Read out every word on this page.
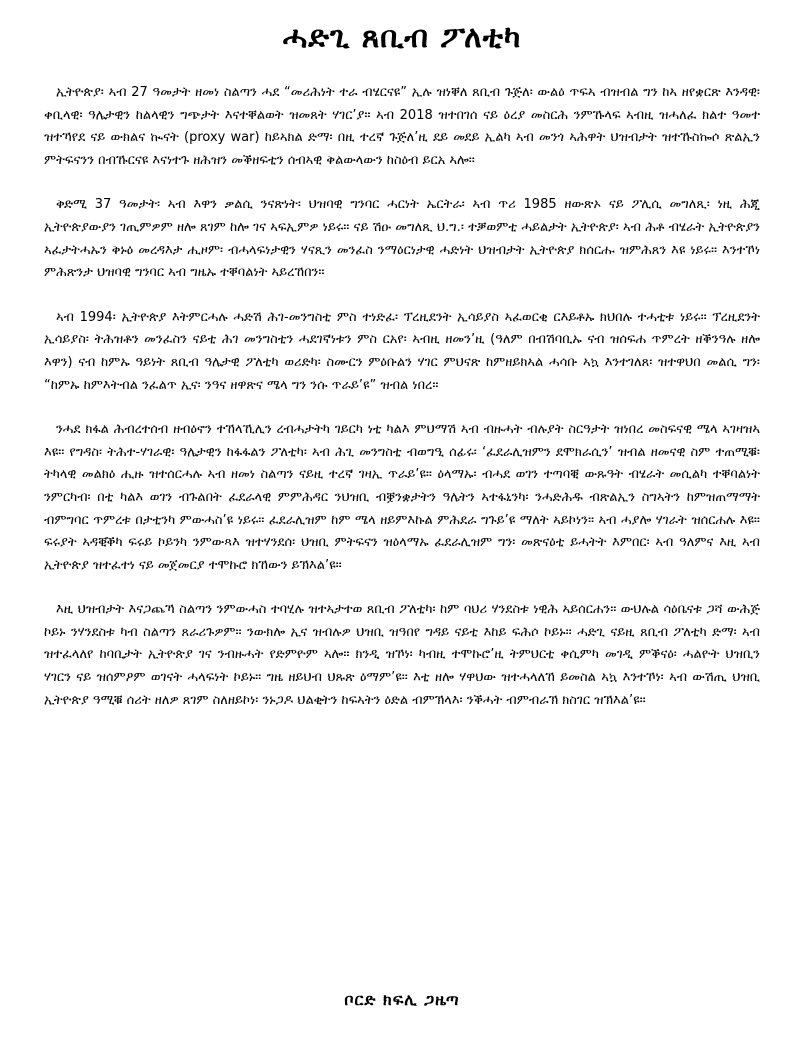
ሓድጊ ጸቢብ ፖለቲካ

ኢትዮጵያ፡ ኣብ 27 ዓመታት ዘመነ ስልጣን ሓደ “መሪሕነት ተራ ብሄርናዩ” ኢሉ ዝነቐለ ጸቢብ ጉጅለ፡ ውልዕ ጥፍኣ ብዝብል ግን ከኣ ዘየቋርጽ እንዳዊ፡ ቀቢላዊ፡ ዓሌታዊን ከልላዊን ግጭታት እናተቐልወት ዝመጸት ሃገር’ያ። ኣብ 2018 ዝተበገሰ ናይ ዕረያ መስርሕ ንምኹላፍ ኣብዚ ዝሓለፈ ክልተ ዓመተ ዝተኻየደ ናይ ውክልና ኲናት (proxy war) ከይኣክል ድማ፡ በዚ ተረኛ ጉጅለ’ዚ ደይ መደይ ኢልካ ኣብ መንጎ ኣሕዋት ህዝብታት ዝተኹስኰሶ ጽልኢን ምትፍናንን በብኹርናዩ እናነተጉ ዘሕዝን መቕዘፍቲን ሰብኣዊ ቅልውላውን ከስዕብ ይርአ ኣሎ።

ቅድሚ 37 ዓመታት፡ ኣብ እዋን ቃልሲ ንናጽነት፡ ህዝባዊ ግንባር ሓርነት ኤርትራ፡ ኣብ ጥሪ 1985 ዘውጽኦ ናይ ፖሊሲ መግለጺ፡ ነዚ ሕጂ ኢትዮጵያውያን ገጢምዎም ዘሎ ጸገም ከሎ ገና ኣፍኢምዎ ነይሩ። ናይ ሽዑ መግለጺ ህ.ግ.፡ ተቓወምቲ ሓይልታት ኢትዮጵያ፡ ኣብ ሕቶ ብሄራት ኢትዮጵያን ኣፈታትሓኡን ቅኑዕ መረዳእታ ሒዞም፡ ብሓላፍነታዊን ሃናጺን መንፈስ ንማዕርነታዊ ሓድነት ህዝብታት ኢትዮጵያ ክሰርሑ ዝምሕጸን እዩ ነይሩ። እንተኾነ ምሕጽንታ ህዝባዊ ግንባር ኣብ ግዜኡ ተቐባልነት ኣይረኸበን።

ኣብ 1994፡ ኢትዮጵያ እትምርሓሉ ሓድሽ ሕገ-መንግስቲ ምስ ተነድፈ፡ ፕረዚደንት ኢሳይያስ ኣፈወርቂ ርእይቶኡ ክህበሉ ተሓቲቱ ነይሩ። ፕረዚደንት ኢሳይያስ፡ ትሕዝቶን መንፈስን ናይቲ ሕገ መንግስቲን ሓደገኛነቱን ምስ ርአየ፡ ኣብዚ ዘመን’ዚ (ዓለም በብሽባቢኡ ናብ ዝሰፍሐ ጥምረት ዘቕንዓሉ ዘሎ እዋን) ናብ ከምኡ ዓይነት ጸቢብ ዓሌታዊ ፖለቲካ ወሪድካ፡ ስሙርን ምዕቡልን ሃገር ምህናጽ ከምዘይክኣል ሓሳቡ ኣኳ እንተገለጸ፡ ዝተዋህበ መልሲ ግን፡ “ከምኡ ከምእትብል ንፈልጥ ኢና፡ ንዓና ዘዋጽና ሜላ ግን ንሱ ጥራይ’ዩ” ዝብል ነበረ።

ንሓደ ክፋል ሕብረተሰብ ዘብዕኖን ተኸላኺሊን ረብሓታትካ ገይርካ ነቲ ካልእ ምህማሽ ኣብ ብዙሓት ብሉያት ስርዓታት ዝነበረ መስፍናዊ ሜላ ኣገዛዝኣ እዩ። የግዳስ፡ ትሕተ-ሃገራዊ፡ ዓሌታዊን ከፋፋልን ፖለቲካ፡ ኣብ ሕጊ መንግስቲ ብወግዒ ሰፊሩ፡ ‘ፈደራሊዝምን ደሞክራሲን’ ዝብል ዘመናዊ ስም ተጠሚቑ፡ ትካላዊ መልክዕ ሒዙ ዝተሰርሓሉ ኣብ ዘመነ ስልጣን ናይዚ ተረኛ ገዛኢ ጥራይ’ዩ። ዕላማኡ፡ ብሓደ ወገን ተጣባቒ ውጹዓት ብሄራት መሲልካ ተቐባልነት ንምርካብ፡ በቲ ካልእ ወገን ብጉልበት ፈደራላዊ ምምሕዳር ንህዝቢ ብቛንቋታትን ዓሌትን ኣተፋኒንካ፡ ንሓድሕዱ ብጽልኢን ስግኣትን ከምዝጠማማት ብምግባር ጥምረቱ በታቲንካ ምውሓስ’ዩ ነይሩ። ፈደራሊዝም ከም ሜላ ዘይምእኩል ምሕደራ ግጉይ’ዩ ማለት ኣይኮነን። ኣብ ሓያሎ ሃገራት ዝሰርሐሉ እዩ። ፍሩያት ኣዳቒቕካ ፍሩይ ኮይንካ ንምውጻእ ዝተሃንደሰ፡ ህዝቢ ምትፍናን ዝዕላማኡ ፈደራሊዝም ግን፡ መጽናዕቲ ይሓትት እምበር፡ ኣብ ዓለምና እዚ ኣብ ኢትዮጵያ ዝተፈተነ ናይ መጀመርያ ተሞኩሮ ክኸውን ይኽእል’ዩ።

እዚ ህዝብታት እናጋጨኻ ስልጣን ንምውሓስ ተባሂሉ ዝተኣታተወ ጸቢብ ፖለቲካ፡ ከም ባህሪ ሃንደስቱ ነዊሕ ኣይሰርሐን። ውህሉል ሳዕቤናቱ ጋሻ ውሕጅ ኮይኑ ንሃንደስቱ ካብ ስልጣን ጸራሪጉዎም። ንውክሎ ኢና ዝብሉዎ ህዝቢ ዝዓበየ ግዳይ ናይቲ እከይ ፍሕሶ ኮይኑ። ሓድጊ ናይዚ ጸቢብ ፖለቲካ ድማ፡ ኣብ ዝተፈላለየ ከባቢታት ኢትዮጵያ ገና ንብዙሓት የድምዮም ኣሎ። ክንዲ ዝኾነ፡ ካብዚ ተሞኩሮ’ዚ ትምህርቲ ቀሲምካ መገዲ ምቕናዕ፡ ሓልዮት ህዝቢን ሃገርን ናይ ዝሰምዖም ወገናት ሓላፍነት ኮይኑ። ግዜ ዘይህብ ህጹጽ ዕማም’ዩ። እቲ ዘሎ ሃዋህው ዝተሓላለኸ ይመስል ኣኳ እንተኾነ፡ ኣብ ውሽጢ ህዝቢ ኢትዮጵያ ዓሚቑ ሰሪት ዘለዎ ጸገም ስለዘይኮነ፡ ንኑጋዶ ህልቂትን ከፍኣትን ዕድል ብምኽላእ፡ ንቕሓት ብምብራኽ ክስገር ዝኽእል’ዩ።

ቦርድ ክፍሊ ጋዜጣ
